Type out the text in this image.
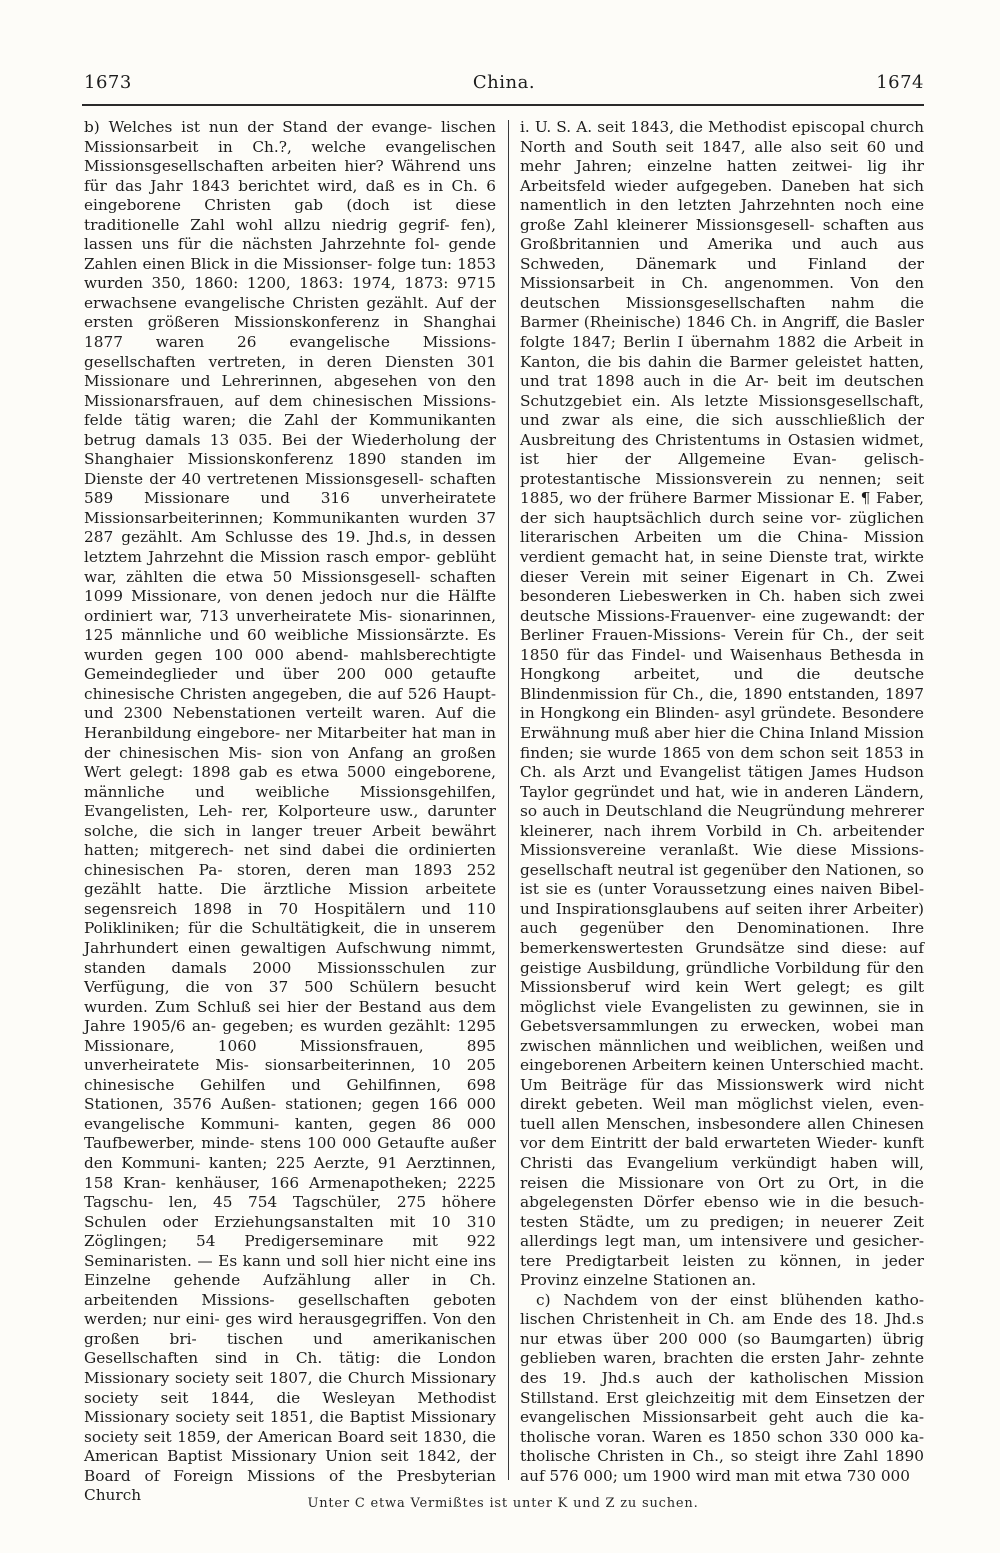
1673	China.	1674

b) Welches ist nun der Stand der evange- lischen Missionsarbeit in Ch.?, welche evangelischen Missionsgesellschaften arbeiten hier? Während uns für das Jahr 1843 berichtet wird, daß es in Ch. 6 eingeborene Christen gab (doch ist diese traditionelle Zahl wohl allzu niedrig gegrif- fen), lassen uns für die nächsten Jahrzehnte fol- gende Zahlen einen Blick in die Missionser- folge tun: 1853 wurden 350, 1860: 1200, 1863: 1974, 1873: 9715 erwachsene evangelische Christen gezählt. Auf der ersten größeren Missionskonferenz in Shanghai 1877 waren 26 evangelische Missions- gesellschaften vertreten, in deren Diensten 301 Missionare und Lehrerinnen, abgesehen von den Missionarsfrauen, auf dem chinesischen Missions- felde tätig waren; die Zahl der Kommunikanten betrug damals 13 035. Bei der Wiederholung der Shanghaier Missionskonferenz 1890 standen im Dienste der 40 vertretenen Missionsgesell- schaften 589 Missionare und 316 unverheiratete Missionsarbeiterinnen; Kommunikanten wurden 37 287 gezählt. Am Schlusse des 19. Jhd.s, in dessen letztem Jahrzehnt die Mission rasch empor- geblüht war, zählten die etwa 50 Missionsgesell- schaften 1099 Missionare, von denen jedoch nur die Hälfte ordiniert war, 713 unverheiratete Mis- sionarinnen, 125 männliche und 60 weibliche Missionsärzte. Es wurden gegen 100 000 abend- mahlsberechtigte Gemeindeglieder und über 200 000 getaufte chinesische Christen angegeben, die auf 526 Haupt- und 2300 Nebenstationen verteilt waren. Auf die Heranbildung eingebore- ner Mitarbeiter hat man in der chinesischen Mis- sion von Anfang an großen Wert gelegt: 1898 gab es etwa 5000 eingeborene, männliche und weibliche Missionsgehilfen, Evangelisten, Leh- rer, Kolporteure usw., darunter solche, die sich in langer treuer Arbeit bewährt hatten; mitgerech- net sind dabei die ordinierten chinesischen Pa- storen, deren man 1893 252 gezählt hatte. Die ärztliche Mission arbeitete segensreich 1898 in 70 Hospitälern und 110 Polikliniken; für die Schultätigkeit, die in unserem Jahrhundert einen gewaltigen Aufschwung nimmt, standen damals 2000 Missionsschulen zur Verfügung, die von 37 500 Schülern besucht wurden. Zum Schluß sei hier der Bestand aus dem Jahre 1905/6 an- gegeben; es wurden gezählt: 1295 Missionare, 1060 Missionsfrauen, 895 unverheiratete Mis- sionsarbeiterinnen, 10 205 chinesische Gehilfen und Gehilfinnen, 698 Stationen, 3576 Außen- stationen; gegen 166 000 evangelische Kommuni- kanten, gegen 86 000 Taufbewerber, minde- stens 100 000 Getaufte außer den Kommuni- kanten; 225 Aerzte, 91 Aerztinnen, 158 Kran- kenhäuser, 166 Armenapotheken; 2225 Tagschu- len, 45 754 Tagschüler, 275 höhere Schulen oder Erziehungsanstalten mit 10 310 Zöglingen; 54 Predigerseminare mit 922 Seminaristen. — Es kann und soll hier nicht eine ins Einzelne gehende Aufzählung aller in Ch. arbeitenden Missions- gesellschaften geboten werden; nur eini- ges wird herausgegriffen. Von den großen bri- tischen und amerikanischen Gesellschaften sind in Ch. tätig: die London Missionary society seit 1807, die Church Missionary society seit 1844, die Wesleyan Methodist Missionary society seit 1851, die Baptist Missionary society seit 1859, der American Board seit 1830, die American Baptist Missionary Union seit 1842, der Board of Foreign Missions of the Presbyterian Church

i. U. S. A. seit 1843, die Methodist episcopal church North and South seit 1847, alle also seit 60 und mehr Jahren; einzelne hatten zeitwei- lig ihr Arbeitsfeld wieder aufgegeben. Daneben hat sich namentlich in den letzten Jahrzehnten noch eine große Zahl kleinerer Missionsgesell- schaften aus Großbritannien und Amerika und auch aus Schweden, Dänemark und Finland der Missionsarbeit in Ch. angenommen. Von den deutschen Missionsgesellschaften nahm die Barmer (Rheinische) 1846 Ch. in Angriff, die Basler folgte 1847; Berlin I übernahm 1882 die Arbeit in Kanton, die bis dahin die Barmer geleistet hatten, und trat 1898 auch in die Ar- beit im deutschen Schutzgebiet ein. Als letzte Missionsgesellschaft, und zwar als eine, die sich ausschließlich der Ausbreitung des Christentums in Ostasien widmet, ist hier der Allgemeine Evan- gelisch-protestantische Missionsverein zu nennen; seit 1885, wo der frühere Barmer Missionar E. ¶ Faber, der sich hauptsächlich durch seine vor- züglichen literarischen Arbeiten um die China- Mission verdient gemacht hat, in seine Dienste trat, wirkte dieser Verein mit seiner Eigenart in Ch. Zwei besonderen Liebeswerken in Ch. haben sich zwei deutsche Missions-Frauenver- eine zugewandt: der Berliner Frauen-Missions- Verein für Ch., der seit 1850 für das Findel- und Waisenhaus Bethesda in Hongkong arbeitet, und die deutsche Blindenmission für Ch., die, 1890 entstanden, 1897 in Hongkong ein Blinden- asyl gründete. Besondere Erwähnung muß aber hier die China Inland Mission finden; sie wurde 1865 von dem schon seit 1853 in Ch. als Arzt und Evangelist tätigen James Hudson Taylor gegründet und hat, wie in anderen Ländern, so auch in Deutschland die Neugründung mehrerer kleinerer, nach ihrem Vorbild in Ch. arbeitender Missionsvereine veranlaßt. Wie diese Missions- gesellschaft neutral ist gegenüber den Nationen, so ist sie es (unter Voraussetzung eines naiven Bibel- und Inspirationsglaubens auf seiten ihrer Arbeiter) auch gegenüber den Denominationen. Ihre bemerkenswertesten Grundsätze sind diese: auf geistige Ausbildung, gründliche Vorbildung für den Missionsberuf wird kein Wert gelegt; es gilt möglichst viele Evangelisten zu gewinnen, sie in Gebetsversammlungen zu erwecken, wobei man zwischen männlichen und weiblichen, weißen und eingeborenen Arbeitern keinen Unterschied macht. Um Beiträge für das Missionswerk wird nicht direkt gebeten. Weil man möglichst vielen, even- tuell allen Menschen, insbesondere allen Chinesen vor dem Eintritt der bald erwarteten Wieder- kunft Christi das Evangelium verkündigt haben will, reisen die Missionare von Ort zu Ort, in die abgelegensten Dörfer ebenso wie in die besuch- testen Städte, um zu predigen; in neuerer Zeit allerdings legt man, um intensivere und gesicher- tere Predigtarbeit leisten zu können, in jeder Provinz einzelne Stationen an.

c) Nachdem von der einst blühenden katho- lischen Christenheit in Ch. am Ende des 18. Jhd.s nur etwas über 200 000 (so Baumgarten) übrig geblieben waren, brachten die ersten Jahr- zehnte des 19. Jhd.s auch der katholischen Mission Stillstand. Erst gleichzeitig mit dem Einsetzen der evangelischen Missionsarbeit geht auch die ka- tholische voran. Waren es 1850 schon 330 000 ka- tholische Christen in Ch., so steigt ihre Zahl 1890 auf 576 000; um 1900 wird man mit etwa 730 000

Unter C etwa Vermißtes ist unter K und Z zu suchen.
